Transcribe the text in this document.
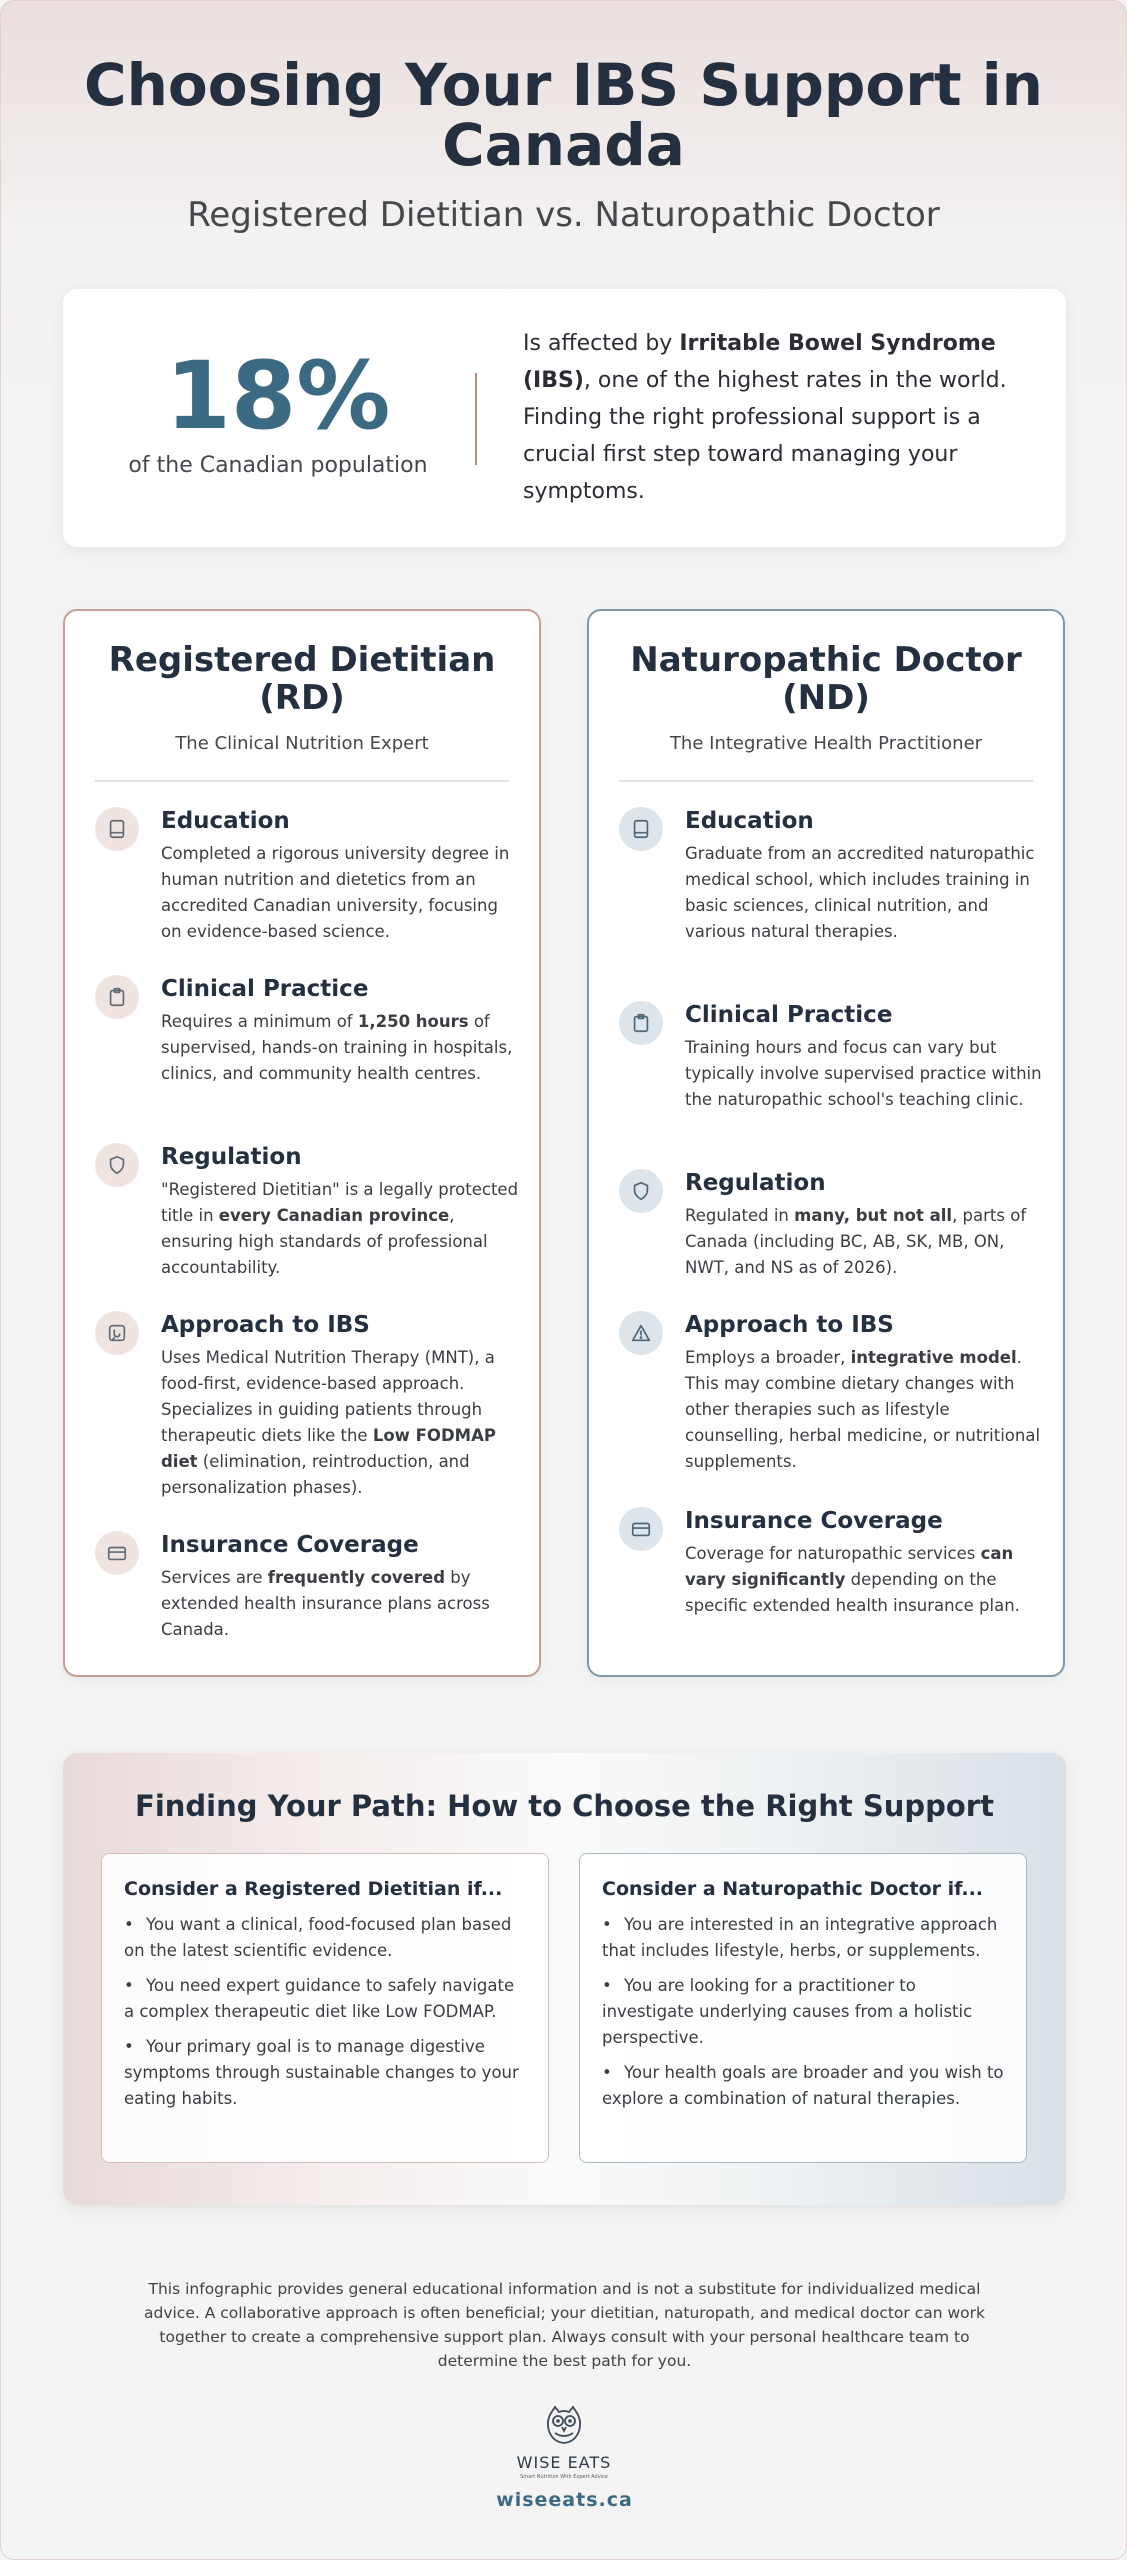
Choosing Your IBS Support in Canada
Registered Dietitian vs. Naturopathic Doctor
18%
of the Canadian population

Is affected by Irritable Bowel Syndrome (IBS), one of the highest rates in the world. Finding the right professional support is a crucial first step toward managing your symptoms.

Registered Dietitian (RD)
The Clinical Nutrition Expert
Education

Completed a rigorous university degree in human nutrition and dietetics from an accredited Canadian university, focusing on evidence-based science.

Clinical Practice

Requires a minimum of 1,250 hours of supervised, hands-on training in hospitals, clinics, and community health centres.

Regulation

"Registered Dietitian" is a legally protected title in every Canadian province, ensuring high standards of professional accountability.

Approach to IBS

Uses Medical Nutrition Therapy (MNT), a food-first, evidence-based approach. Specializes in guiding patients through therapeutic diets like the Low FODMAP diet (elimination, reintroduction, and personalization phases).

Insurance Coverage

Services are frequently covered by extended health insurance plans across Canada.

Naturopathic Doctor (ND)
The Integrative Health Practitioner
Education

Graduate from an accredited naturopathic medical school, which includes training in basic sciences, clinical nutrition, and various natural therapies.

Clinical Practice

Training hours and focus can vary but typically involve supervised practice within the naturopathic school's teaching clinic.

Regulation

Regulated in many, but not all, parts of Canada (including BC, AB, SK, MB, ON, NWT, and NS as of 2026).

Approach to IBS

Employs a broader, integrative model. This may combine dietary changes with other therapies such as lifestyle counselling, herbal medicine, or nutritional supplements.

Insurance Coverage

Coverage for naturopathic services can vary significantly depending on the specific extended health insurance plan.

Finding Your Path: How to Choose the Right Support
Consider a Registered Dietitian if...
• You want a clinical, food-focused plan based on the latest scientific evidence.
• You need expert guidance to safely navigate a complex therapeutic diet like Low FODMAP.
• Your primary goal is to manage digestive symptoms through sustainable changes to your eating habits.
Consider a Naturopathic Doctor if...
• You are interested in an integrative approach that includes lifestyle, herbs, or supplements.
• You are looking for a practitioner to investigate underlying causes from a holistic perspective.
• Your health goals are broader and you wish to explore a combination of natural therapies.

This infographic provides general educational information and is not a substitute for individualized medical advice. A collaborative approach is often beneficial; your dietitian, naturopath, and medical doctor can work together to create a comprehensive support plan. Always consult with your personal healthcare team to determine the best path for you.

WISE EATS
Smart Nutrition With Expert Advice
wiseeats.ca
